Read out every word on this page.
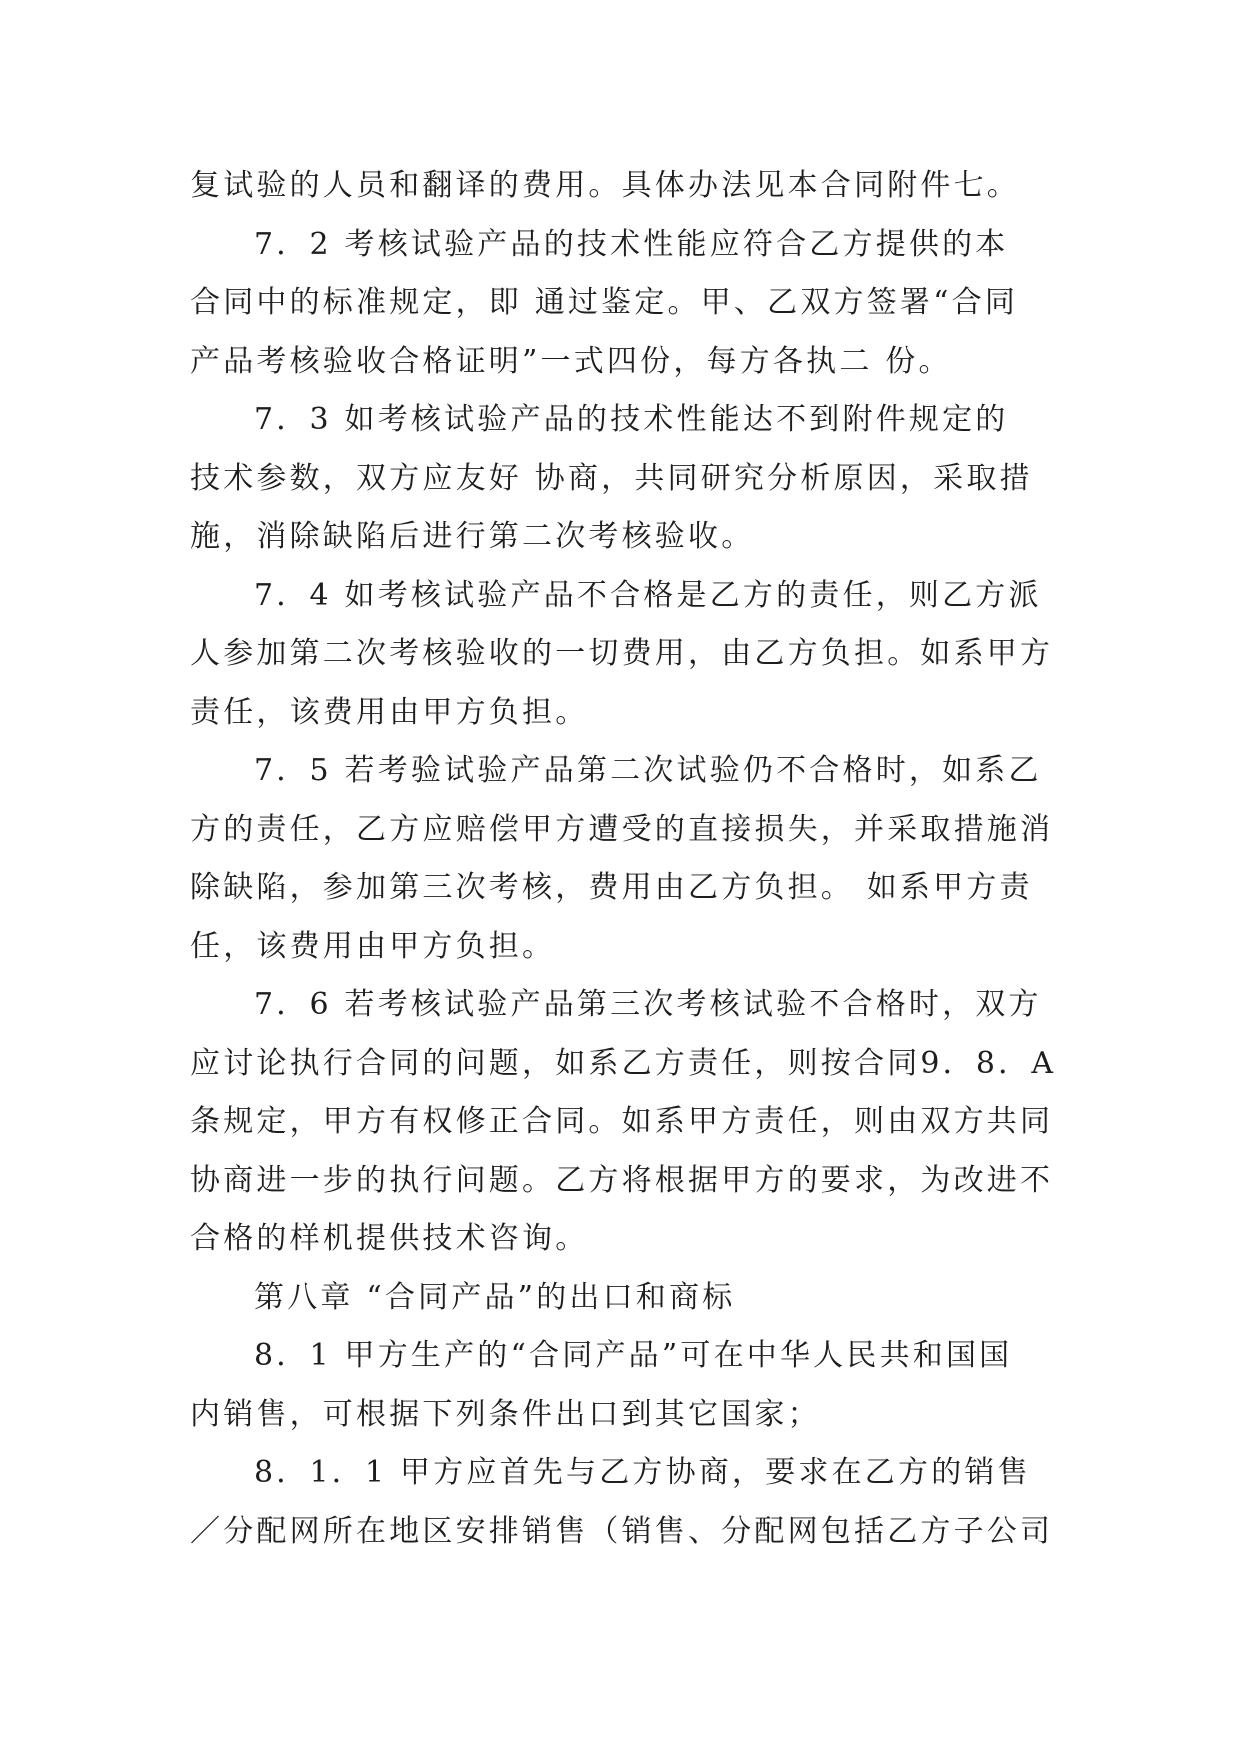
复试验的人员和翻译的费用。具体办法见本合同附件七。
7．2 考核试验产品的技术性能应符合乙方提供的本
合同中的标准规定，即 通过鉴定。甲、乙双方签署“合同
产品考核验收合格证明”一式四份，每方各执二 份。
7．3 如考核试验产品的技术性能达不到附件规定的
技术参数，双方应友好 协商，共同研究分析原因，采取措
施，消除缺陷后进行第二次考核验收。
7．4 如考核试验产品不合格是乙方的责任，则乙方派
人参加第二次考核验收的一切费用，由乙方负担。如系甲方
责任，该费用由甲方负担。
7．5 若考验试验产品第二次试验仍不合格时，如系乙
方的责任，乙方应赔偿甲方遭受的直接损失，并采取措施消
除缺陷，参加第三次考核，费用由乙方负担。 如系甲方责
任，该费用由甲方负担。
7．6 若考核试验产品第三次考核试验不合格时，双方
应讨论执行合同的问题，如系乙方责任，则按合同9．8．A
条规定，甲方有权修正合同。如系甲方责任，则由双方共同
协商进一步的执行问题。乙方将根据甲方的要求，为改进不
合格的样机提供技术咨询。
第八章 “合同产品”的出口和商标
8．1 甲方生产的“合同产品”可在中华人民共和国国
内销售，可根据下列条件出口到其它国家；
8．1．1 甲方应首先与乙方协商，要求在乙方的销售
／分配网所在地区安排销售（销售、分配网包括乙方子公司
